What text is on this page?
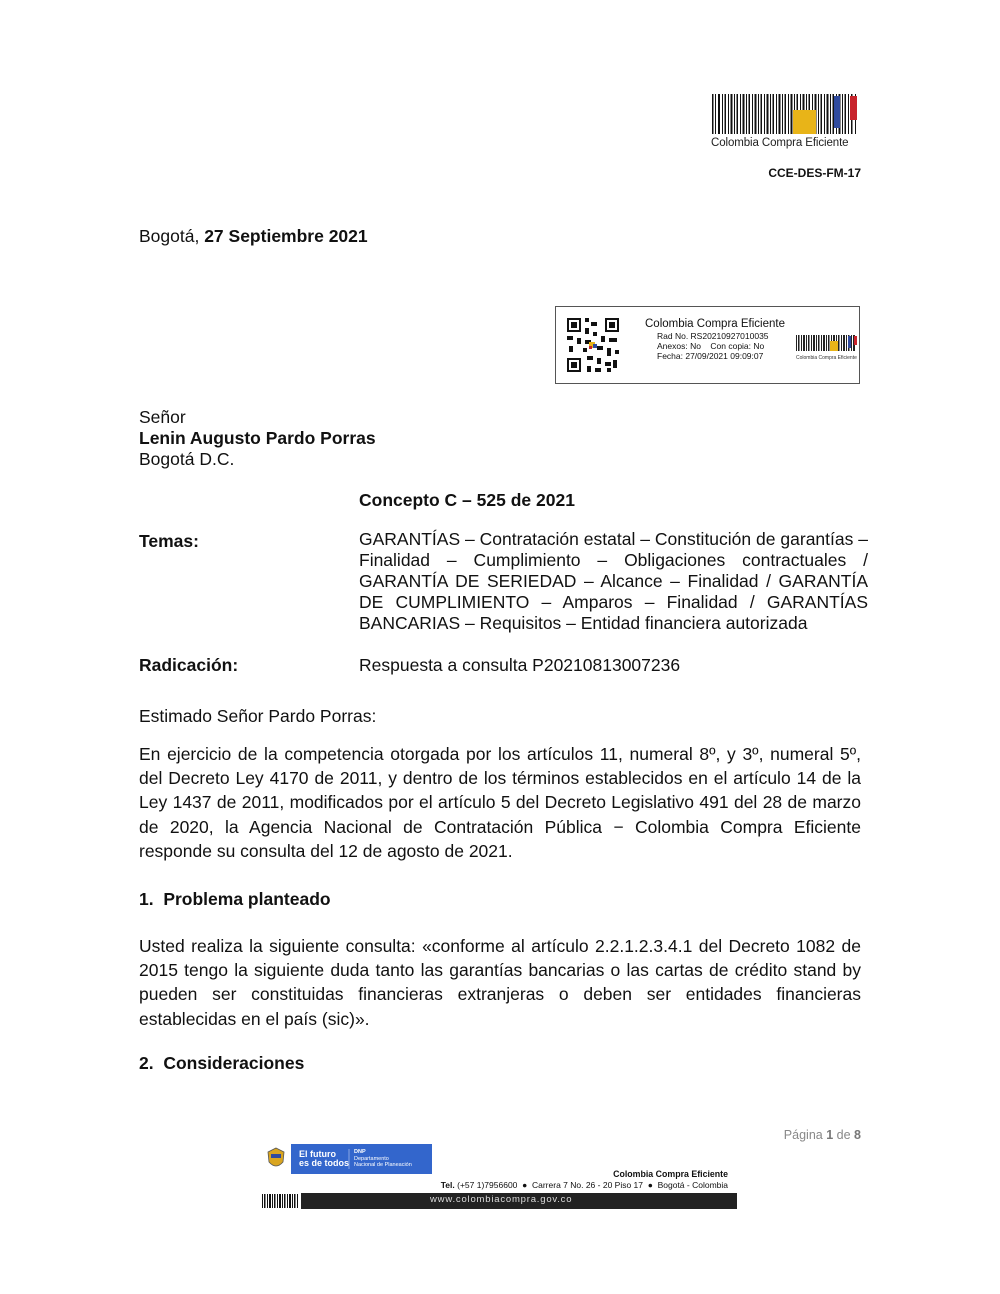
Colombia Compra Eficiente
CCE-DES-FM-17
Bogotá, 27 Septiembre 2021
Colombia Compra Eficiente
Rad No. RS20210927010035
Anexos: No    Con copia: No
Fecha: 27/09/2021 09:09:07	Colombia Compra Eficiente
Señor
Lenin Augusto Pardo Porras
Bogotá D.C.
Concepto C – 525 de 2021
Temas:	GARANTÍAS – Contratación estatal – Constitución de garantías – Finalidad – Cumplimiento – Obligaciones contractuales / GARANTÍA DE SERIEDAD – Alcance – Finalidad / GARANTÍA DE CUMPLIMIENTO – Amparos – Finalidad / GARANTÍAS BANCARIAS – Requisitos – Entidad financiera autorizada

Radicación:	Respuesta a consulta P20210813007236
Estimado Señor Pardo Porras:
En ejercicio de la competencia otorgada por los artículos 11, numeral 8º, y 3º, numeral 5º, del Decreto Ley 4170 de 2011, y dentro de los términos establecidos en el artículo 14 de la Ley 1437 de 2011, modificados por el artículo 5 del Decreto Legislativo 491 del 28 de marzo de 2020, la Agencia Nacional de Contratación Pública − Colombia Compra Eficiente responde su consulta del 12 de agosto de 2021.
1.  Problema planteado
Usted realiza la siguiente consulta: «conforme al artículo 2.2.1.2.3.4.1 del Decreto 1082 de 2015 tengo la siguiente duda tanto las garantías bancarias o las cartas de crédito stand by pueden ser constituidas financieras extranjeras o deben ser entidades financieras establecidas en el país (sic)».
2.  Consideraciones
Página 1 de 8
El futuro
es de todos
DNP
Departamento
Nacional de Planeación
Colombia Compra Eficiente
Tel. (+57 1)7956600  ●  Carrera 7 No. 26 - 20 Piso 17  ●  Bogotá - Colombia
www.colombiacompra.gov.co
